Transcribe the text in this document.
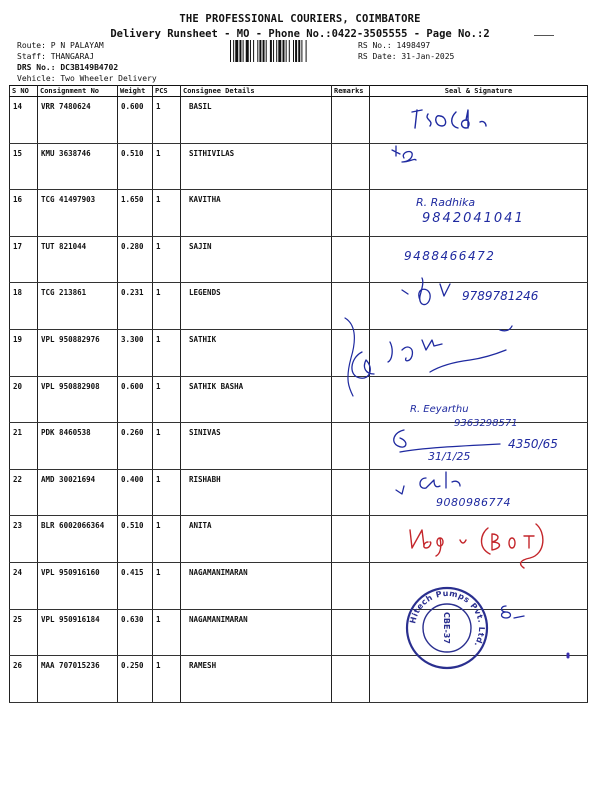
THE PROFESSIONAL COURIERS, COIMBATORE
Delivery Runsheet - MO - Phone No.:0422-3505555 - Page No.:2
Route: P N PALAYAM
Staff: THANGARAJ
DRS No.: DC3B149B4702
Vehicle: Two Wheeler Delivery
RS No.: 1498497
RS Date: 31-Jan-2025
S NO	Consignment No	Weight	PCS	Consignee Details	Remarks	Seal & Signature
14	VRR 7480624	0.600	1	BASIL		
15	KMU 3638746	0.510	1	SITHIVILAS		
16	TCG 41497903	1.650	1	KAVITHA		
17	TUT 821044	0.280	1	SAJIN		
18	TCG 213861	0.231	1	LEGENDS		
19	VPL 950882976	3.300	1	SATHIK		
20	VPL 950882908	0.600	1	SATHIK BASHA		
21	PDK 8460538	0.260	1	SINIVAS		
22	AMD 30021694	0.400	1	RISHABH		
23	BLR 6002066364	0.510	1	ANITA		
24	VPL 950916160	0.415	1	NAGAMANIMARAN		
25	VPL 950916184	0.630	1	NAGAMANIMARAN		
26	MAA 707015236	0.250	1	RAMESH		
R. Radhika
9842041041
9488466472
9789781246
R. Eeyarthu
9363298571
31/1/25
4350/65
9080986774
Hitech Pumps Pvt. Ltd.
CBE-37
